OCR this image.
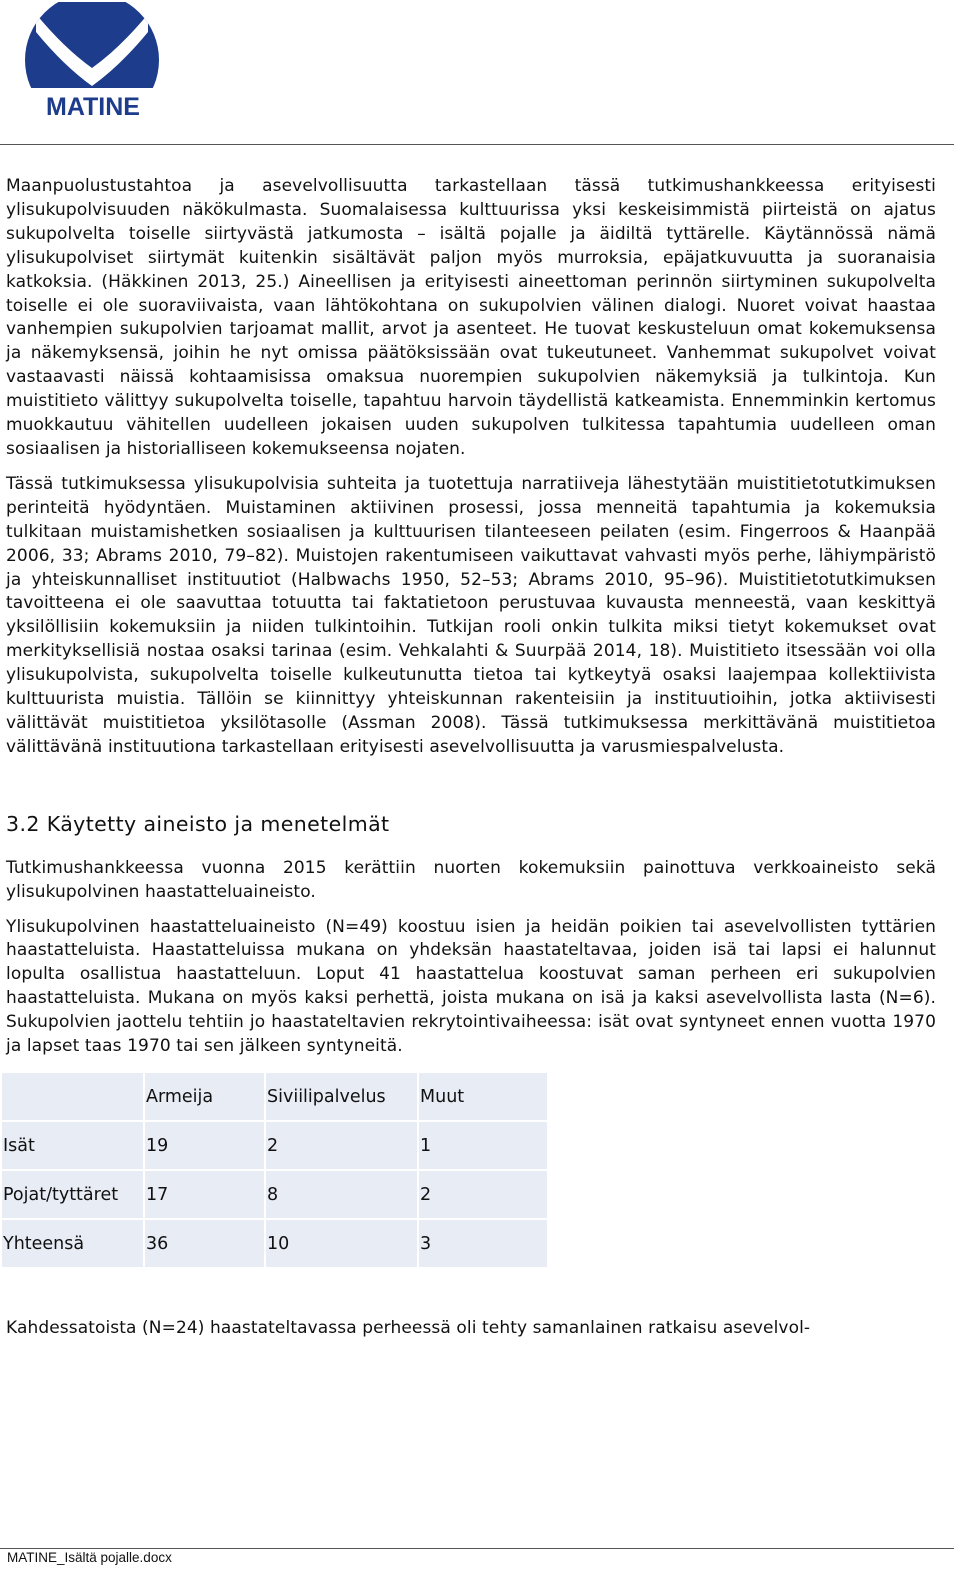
MATINE

Maanpuolustustahtoa ja asevelvollisuutta tarkastellaan tässä tutkimushankkeessa erityisesti ylisukupolvisuuden näkökulmasta. Suomalaisessa kulttuurissa yksi keskeisimmistä piirteistä on ajatus sukupolvelta toiselle siirtyvästä jatkumosta – isältä pojalle ja äidiltä tyttärelle. Käytännössä nämä ylisukupolviset siirtymät kuitenkin sisältävät paljon myös murroksia, epäjatkuvuutta ja suoranaisia katkoksia. (Häkkinen 2013, 25.) Aineellisen ja erityisesti aineettoman perinnön siirtyminen sukupolvelta toiselle ei ole suoraviivaista, vaan lähtökohtana on sukupolvien välinen dialogi. Nuoret voivat haastaa vanhempien sukupolvien tarjoamat mallit, arvot ja asenteet. He tuovat keskusteluun omat kokemuksensa ja näkemyksensä, joihin he nyt omissa päätöksissään ovat tukeutuneet. Vanhemmat sukupolvet voivat vastaavasti näissä kohtaamisissa omaksua nuorempien sukupolvien näkemyksiä ja tulkintoja. Kun muistitieto välittyy sukupolvelta toiselle, tapahtuu harvoin täydellistä katkeamista. Ennemminkin kertomus muokkautuu vähitellen uudelleen jokaisen uuden sukupolven tulkitessa tapahtumia uudelleen oman sosiaalisen ja historialliseen kokemukseensa nojaten.

Tässä tutkimuksessa ylisukupolvisia suhteita ja tuotettuja narratiiveja lähestytään muistitietotutkimuksen perinteitä hyödyntäen. Muistaminen aktiivinen prosessi, jossa menneitä tapahtumia ja kokemuksia tulkitaan muistamishetken sosiaalisen ja kulttuurisen tilanteeseen peilaten (esim. Fingerroos & Haanpää 2006, 33; Abrams 2010, 79–82). Muistojen rakentumiseen vaikuttavat vahvasti myös perhe, lähiympäristö ja yhteiskunnalliset instituutiot (Halbwachs 1950, 52–53; Abrams 2010, 95–96). Muistitietotutkimuksen tavoitteena ei ole saavuttaa totuutta tai faktatietoon perustuvaa kuvausta menneestä, vaan keskittyä yksilöllisiin kokemuksiin ja niiden tulkintoihin. Tutkijan rooli onkin tulkita miksi tietyt kokemukset ovat merkityksellisiä nostaa osaksi tarinaa (esim. Vehkalahti & Suurpää 2014, 18). Muistitieto itsessään voi olla ylisukupolvista, sukupolvelta toiselle kulkeutunutta tietoa tai kytkeytyä osaksi laajempaa kollektiivista kulttuurista muistia. Tällöin se kiinnittyy yhteiskunnan rakenteisiin ja instituutioihin, jotka aktiivisesti välittävät muistitietoa yksilötasolle (Assman 2008). Tässä tutkimuksessa merkittävänä muistitietoa välittävänä instituutiona tarkastellaan erityisesti asevelvollisuutta ja varusmiespalvelusta.

3.2 Käytetty aineisto ja menetelmät

Tutkimushankkeessa vuonna 2015 kerättiin nuorten kokemuksiin painottuva verkkoaineisto sekä ylisukupolvinen haastatteluaineisto.

Ylisukupolvinen haastatteluaineisto (N=49) koostuu isien ja heidän poikien tai asevelvollisten tyttärien haastatteluista. Haastatteluissa mukana on yhdeksän haastateltavaa, joiden isä tai lapsi ei halunnut lopulta osallistua haastatteluun. Loput 41 haastattelua koostuvat saman perheen eri sukupolvien haastatteluista. Mukana on myös kaksi perhettä, joista mukana on isä ja kaksi asevelvollista lasta (N=6). Sukupolvien jaottelu tehtiin jo haastateltavien rekrytointivaiheessa: isät ovat syntyneet ennen vuotta 1970 ja lapset taas 1970 tai sen jälkeen syntyneitä.

	Armeija	Siviilipalvelus	Muut
Isät	19	2	1
Pojat/tyttäret	17	8	2
Yhteensä	36	10	3

Kahdessatoista (N=24) haastateltavassa perheessä oli tehty samanlainen ratkaisu asevelvol-

MATINE_Isältä pojalle.docx
